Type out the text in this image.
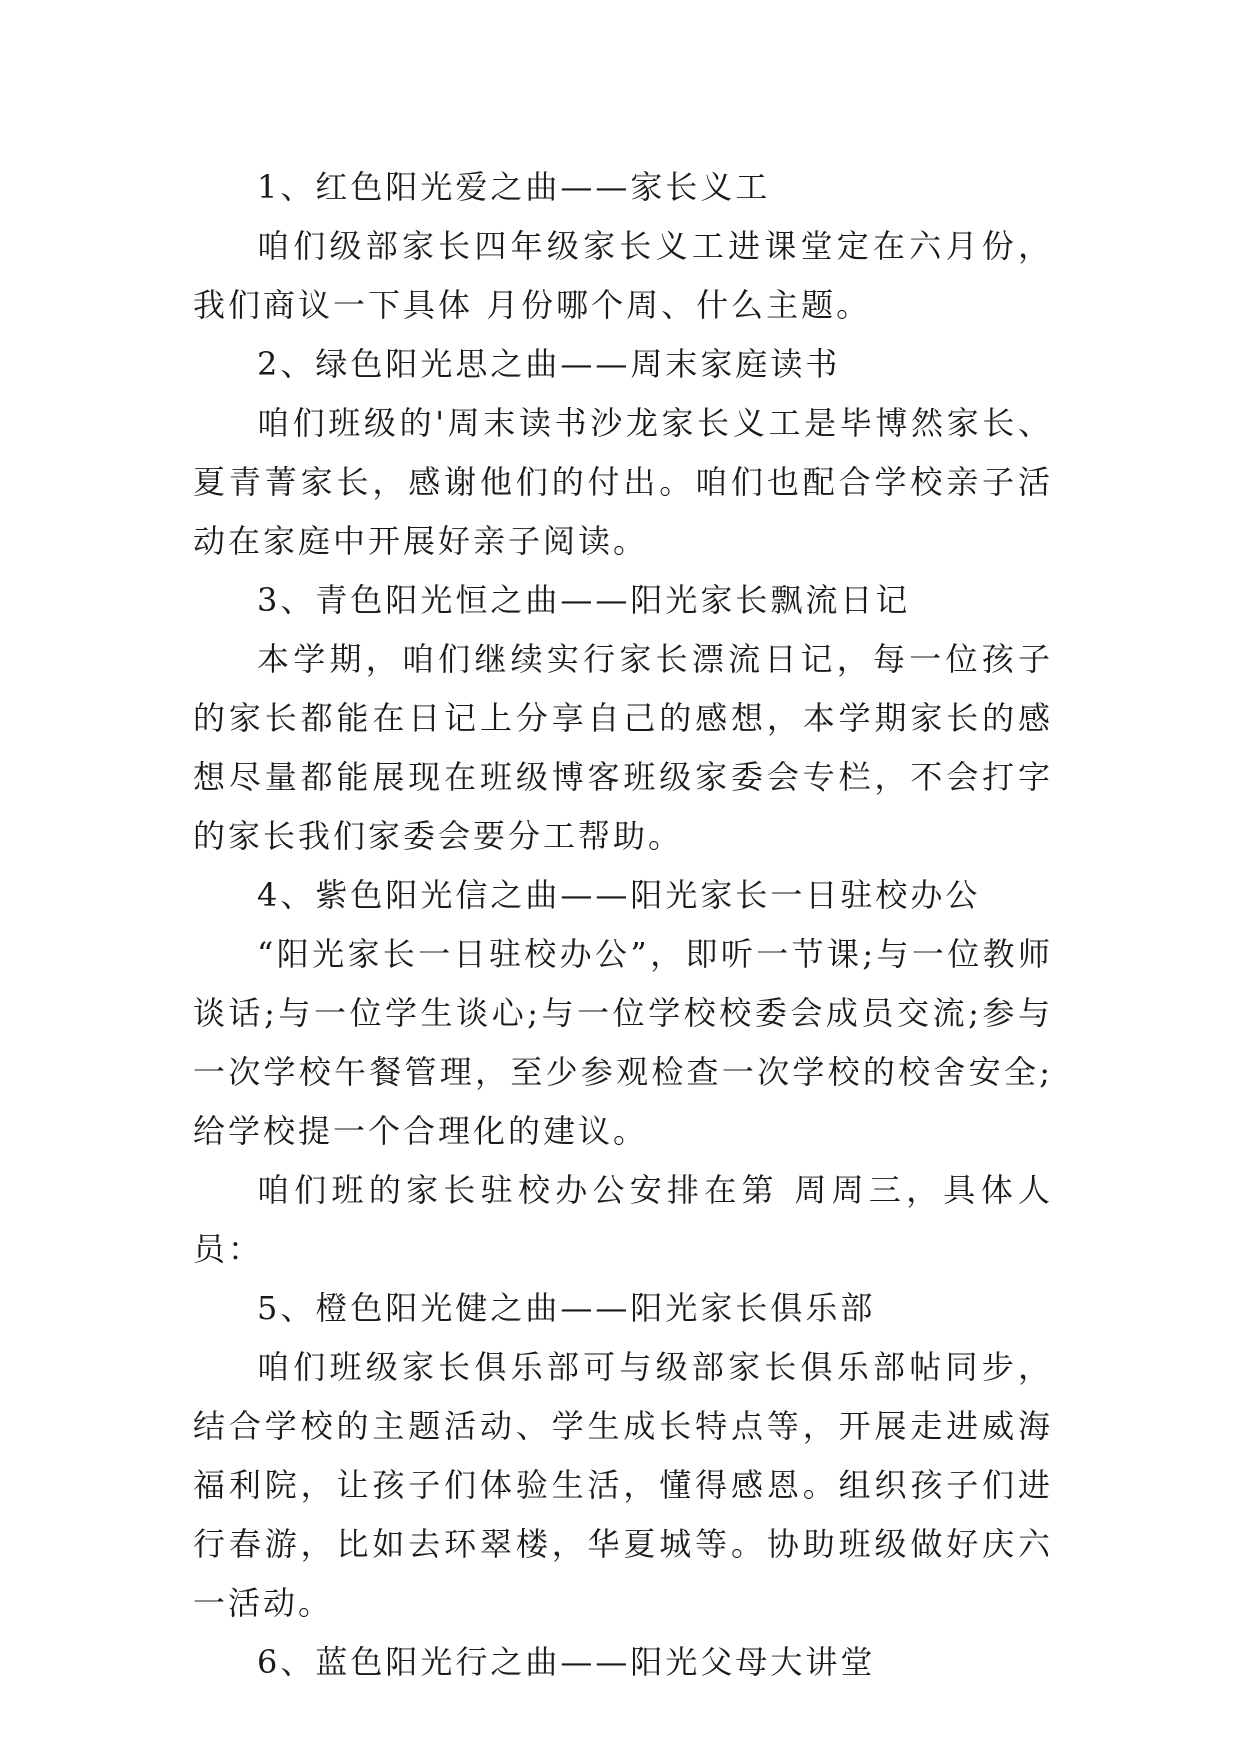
1、红色阳光爱之曲——家长义工

咱们级部家长四年级家长义工进课堂定在六月份，我们商议一下具体 月份哪个周、什么主题。

2、绿色阳光思之曲——周末家庭读书

咱们班级的'周末读书沙龙家长义工是毕博然家长、夏青菁家长，感谢他们的付出。咱们也配合学校亲子活动在家庭中开展好亲子阅读。

3、青色阳光恒之曲——阳光家长飘流日记

本学期，咱们继续实行家长漂流日记，每一位孩子的家长都能在日记上分享自己的感想，本学期家长的感想尽量都能展现在班级博客班级家委会专栏，不会打字的家长我们家委会要分工帮助。

4、紫色阳光信之曲——阳光家长一日驻校办公

“阳光家长一日驻校办公”，即听一节课;与一位教师谈话;与一位学生谈心;与一位学校校委会成员交流;参与一次学校午餐管理，至少参观检查一次学校的校舍安全;给学校提一个合理化的建议。

咱们班的家长驻校办公安排在第 周周三，具体人员：

5、橙色阳光健之曲——阳光家长俱乐部

咱们班级家长俱乐部可与级部家长俱乐部帖同步，结合学校的主题活动、学生成长特点等，开展走进威海福利院，让孩子们体验生活，懂得感恩。组织孩子们进行春游，比如去环翠楼，华夏城等。协助班级做好庆六一活动。

6、蓝色阳光行之曲——阳光父母大讲堂
